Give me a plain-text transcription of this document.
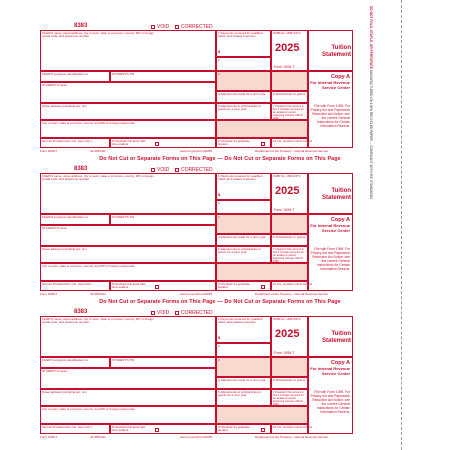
DO NOT FOLD, STAPLE, OR PERFORATE MANUFACTURED ON 100% RECYCLED PAPER ... COMPLIANT WITH IRS STANDARDS
8383	VOID CORRECTED
FILER'S name, street address, city or town, state or province, country, ZIP or foreign postal code, and telephone number
1 Payments received for qualified tuition and related expenses
$
2
OMB No. 1545-1574
2025
Form 1098-T
Tuition Statement
FILER'S employer identification no.	STUDENT'S TIN	3	Copy A
For Internal Revenue Service Center
File with Form 1096. For Privacy Act and Paperwork Reduction Act Notice, see the current General Instructions for Certain Information Returns.
STUDENT'S name
4 Adjustments made for a prior year	5 Scholarships or grants
Street address (including apt. no.)	6 Adjustments to scholarships or grants for a prior year
7 Checked if the amount in box 1 includes amounts for an academic period beginning January–March 2026
City or town, state or province, country, and ZIP or foreign postal code
Service Provider/Acct. No. (see instr.)	8 Checked if at least half-time student
9 Checked if a graduate student
10 Ins. contract reimb./refund
Form 1098-T	41-0653411	www.irs.gov/Form1098T	Department of the Treasury - Internal Revenue Service
Do Not Cut or Separate Forms on This Page — Do Not Cut or Separate Forms on This Page
8383	VOID CORRECTED
FILER'S name, street address, city or town, state or province, country, ZIP or foreign postal code, and telephone number
1 Payments received for qualified tuition and related expenses
$
2
OMB No. 1545-1574
2025
Form 1098-T
Tuition Statement
FILER'S employer identification no.	STUDENT'S TIN	3	Copy A
For Internal Revenue Service Center
File with Form 1096. For Privacy Act and Paperwork Reduction Act Notice, see the current General Instructions for Certain Information Returns.
STUDENT'S name
4 Adjustments made for a prior year	5 Scholarships or grants
Street address (including apt. no.)	6 Adjustments to scholarships or grants for a prior year
7 Checked if the amount in box 1 includes amounts for an academic period beginning January–March 2026
City or town, state or province, country, and ZIP or foreign postal code
Service Provider/Acct. No. (see instr.)	8 Checked if at least half-time student
9 Checked if a graduate student
10 Ins. contract reimb./refund
Form 1098-T	41-0653411	www.irs.gov/Form1098T	Department of the Treasury - Internal Revenue Service
Do Not Cut or Separate Forms on This Page — Do Not Cut or Separate Forms on This Page
8383	VOID CORRECTED
FILER'S name, street address, city or town, state or province, country, ZIP or foreign postal code, and telephone number
1 Payments received for qualified tuition and related expenses
$
2
OMB No. 1545-1574
2025
Form 1098-T
Tuition Statement
FILER'S employer identification no.	STUDENT'S TIN	3	Copy A
For Internal Revenue Service Center
File with Form 1096. For Privacy Act and Paperwork Reduction Act Notice, see the current General Instructions for Certain Information Returns.
STUDENT'S name
4 Adjustments made for a prior year	5 Scholarships or grants
Street address (including apt. no.)	6 Adjustments to scholarships or grants for a prior year
7 Checked if the amount in box 1 includes amounts for an academic period beginning January–March 2026
City or town, state or province, country, and ZIP or foreign postal code
Service Provider/Acct. No. (see instr.)	8 Checked if at least half-time student
9 Checked if a graduate student
10 Ins. contract reimb./refund
Form 1098-T	41-0653411	www.irs.gov/Form1098T	Department of the Treasury - Internal Revenue Service
